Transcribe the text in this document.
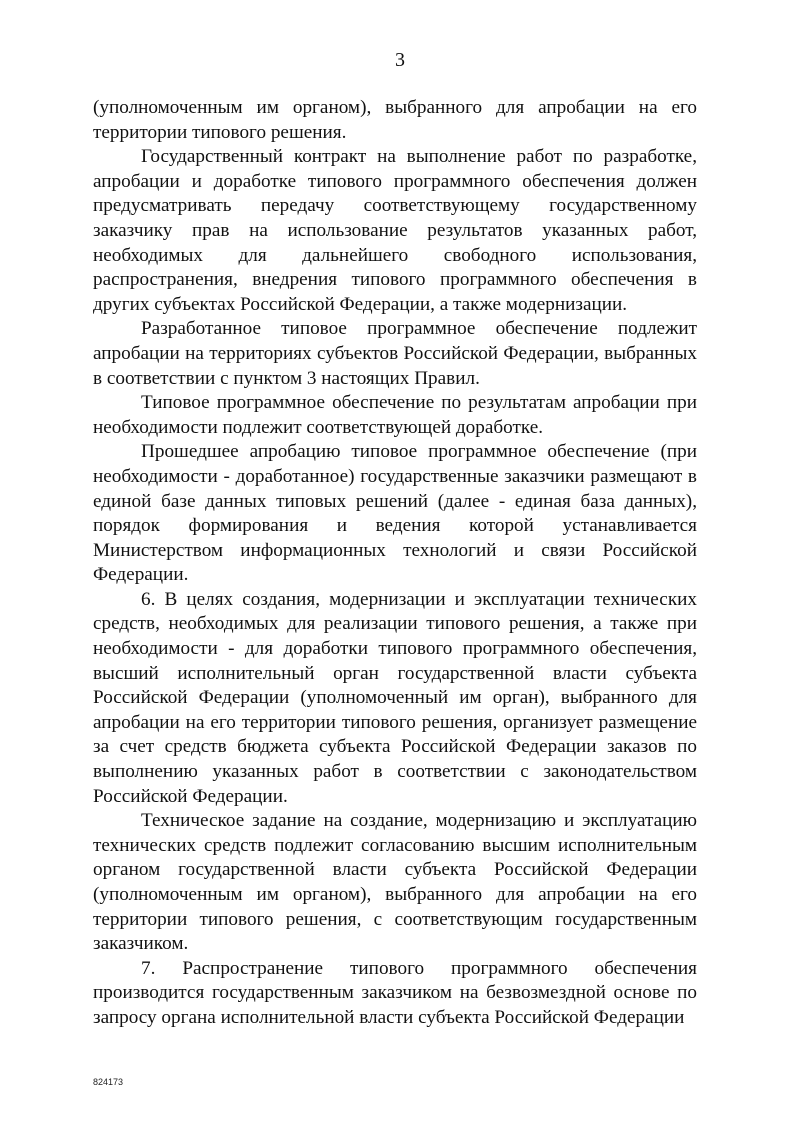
3

(уполномоченным им органом), выбранного для апробации на его территории типового решения.

Государственный контракт на выполнение работ по разработке, апробации и доработке типового программного обеспечения должен предусматривать передачу соответствующему государственному заказчику прав на использование результатов указанных работ, необходимых для дальнейшего свободного использования, распространения, внедрения типового программного обеспечения в других субъектах Российской Федерации, а также модернизации.

Разработанное типовое программное обеспечение подлежит апробации на территориях субъектов Российской Федерации, выбранных в соответствии с пунктом 3 настоящих Правил.

Типовое программное обеспечение по результатам апробации при необходимости подлежит соответствующей доработке.

Прошедшее апробацию типовое программное обеспечение (при необходимости - доработанное) государственные заказчики размещают в единой базе данных типовых решений (далее - единая база данных), порядок формирования и ведения которой устанавливается Министерством информационных технологий и связи Российской Федерации.

6. В целях создания, модернизации и эксплуатации технических средств, необходимых для реализации типового решения, а также при необходимости - для доработки типового программного обеспечения, высший исполнительный орган государственной власти субъекта Российской Федерации (уполномоченный им орган), выбранного для апробации на его территории типового решения, организует размещение за счет средств бюджета субъекта Российской Федерации заказов по выполнению указанных работ в соответствии с законодательством Российской Федерации.

Техническое задание на создание, модернизацию и эксплуатацию технических средств подлежит согласованию высшим исполнительным органом государственной власти субъекта Российской Федерации (уполномоченным им органом), выбранного для апробации на его территории типового решения, с соответствующим государственным заказчиком.

7. Распространение типового программного обеспечения производится государственным заказчиком на безвозмездной основе по запросу органа исполнительной власти субъекта Российской Федерации

824173
